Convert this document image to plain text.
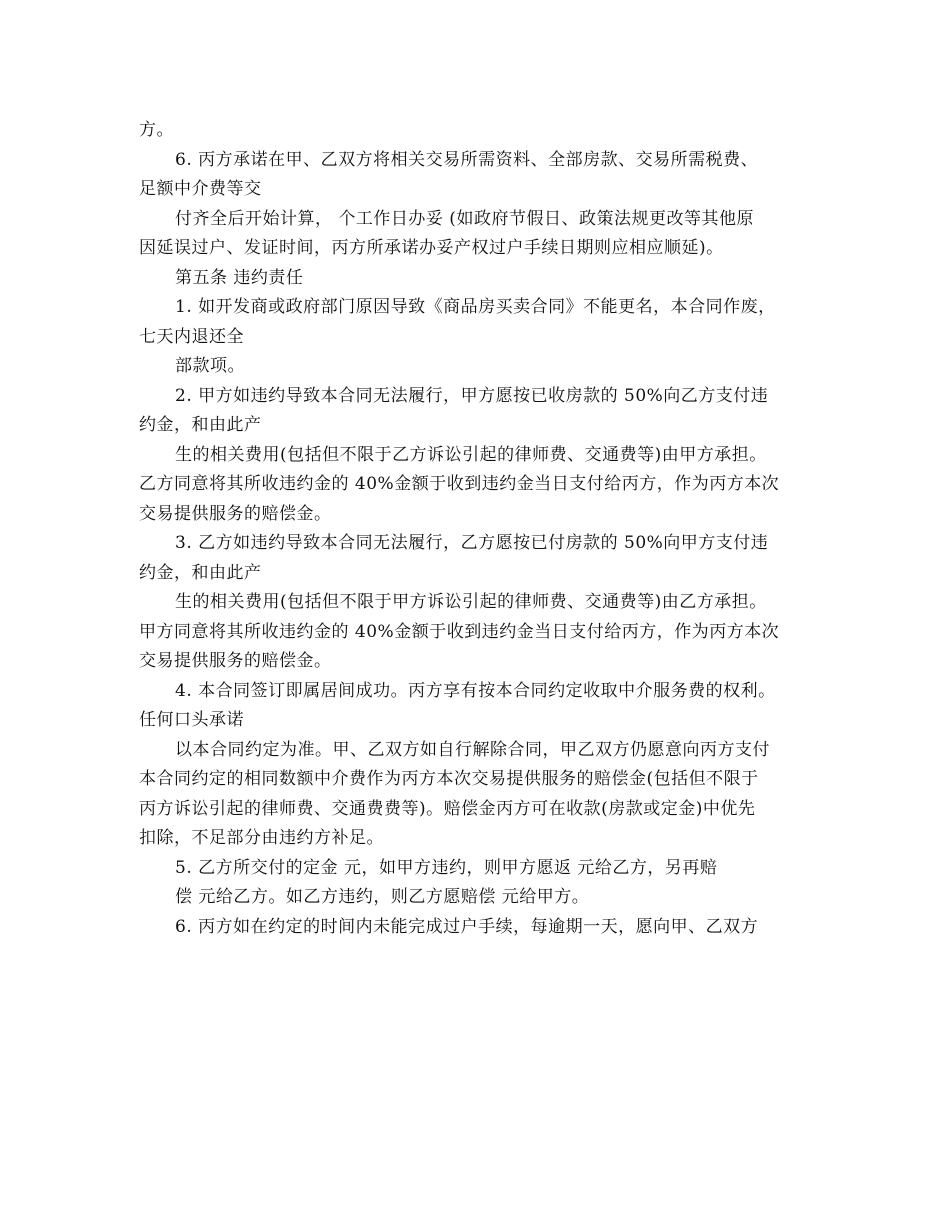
方。
6. 丙方承诺在甲、乙双方将相关交易所需资料、全部房款、交易所需税费、
足额中介费等交
付齐全后开始计算， 个工作日办妥 (如政府节假日、政策法规更改等其他原
因延误过户、发证时间，丙方所承诺办妥产权过户手续日期则应相应顺延)。
第五条 违约责任
1. 如开发商或政府部门原因导致《商品房买卖合同》不能更名，本合同作废，
七天内退还全
部款项。
2. 甲方如违约导致本合同无法履行，甲方愿按已收房款的 50%向乙方支付违
约金，和由此产
生的相关费用(包括但不限于乙方诉讼引起的律师费、交通费等)由甲方承担。
乙方同意将其所收违约金的 40%金额于收到违约金当日支付给丙方，作为丙方本次
交易提供服务的赔偿金。
3. 乙方如违约导致本合同无法履行，乙方愿按已付房款的 50%向甲方支付违
约金，和由此产
生的相关费用(包括但不限于甲方诉讼引起的律师费、交通费等)由乙方承担。
甲方同意将其所收违约金的 40%金额于收到违约金当日支付给丙方，作为丙方本次
交易提供服务的赔偿金。
4. 本合同签订即属居间成功。丙方享有按本合同约定收取中介服务费的权利。
任何口头承诺
以本合同约定为准。甲、乙双方如自行解除合同，甲乙双方仍愿意向丙方支付
本合同约定的相同数额中介费作为丙方本次交易提供服务的赔偿金(包括但不限于
丙方诉讼引起的律师费、交通费费等)。赔偿金丙方可在收款(房款或定金)中优先
扣除，不足部分由违约方补足。
5. 乙方所交付的定金 元，如甲方违约，则甲方愿返 元给乙方，另再赔
偿 元给乙方。如乙方违约，则乙方愿赔偿 元给甲方。
6. 丙方如在约定的时间内未能完成过户手续，每逾期一天，愿向甲、乙双方
